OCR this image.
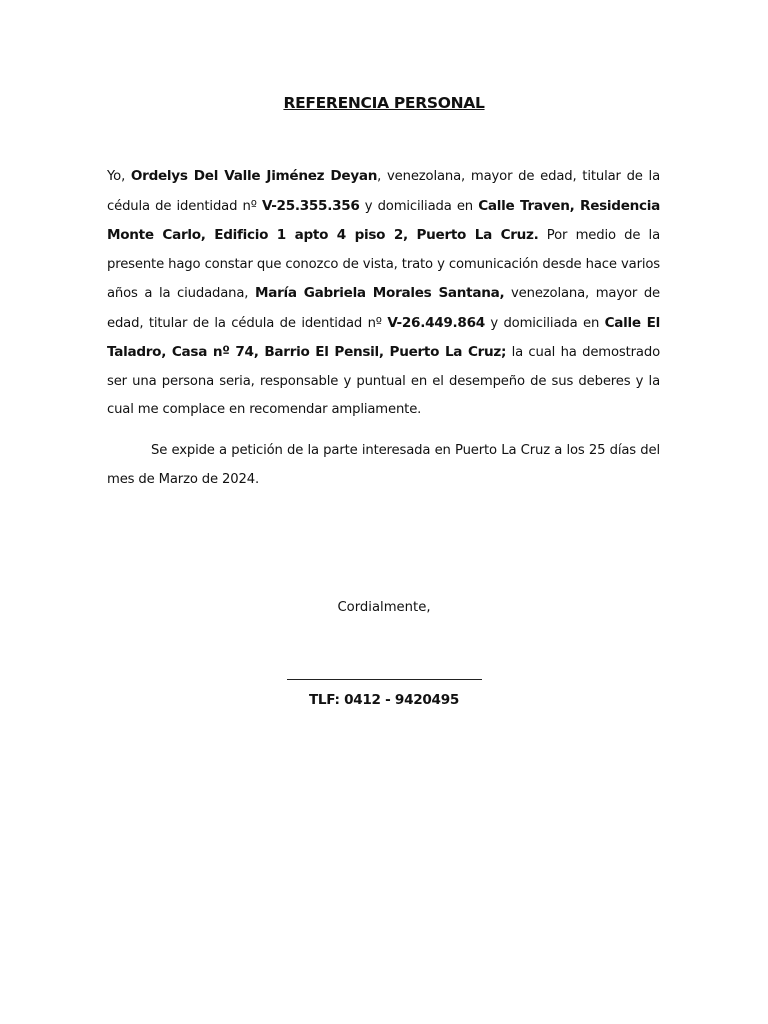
REFERENCIA PERSONAL

Yo, Ordelys Del Valle Jiménez Deyan, venezolana, mayor de edad, titular de la cédula de identidad nº V-25.355.356 y domiciliada en Calle Traven, Residencia Monte Carlo, Edificio 1 apto 4 piso 2, Puerto La Cruz. Por medio de la presente hago constar que conozco de vista, trato y comunicación desde hace varios años a la ciudadana, María Gabriela Morales Santana, venezolana, mayor de edad, titular de la cédula de identidad nº V-26.449.864 y domiciliada en Calle El Taladro, Casa nº 74, Barrio El Pensil, Puerto La Cruz; la cual ha demostrado ser una persona seria, responsable y puntual en el desempeño de sus deberes y la cual me complace en recomendar ampliamente.

Se expide a petición de la parte interesada en Puerto La Cruz a los 25 días del mes de Marzo de 2024.

Cordialmente,
TLF: 0412 - 9420495
